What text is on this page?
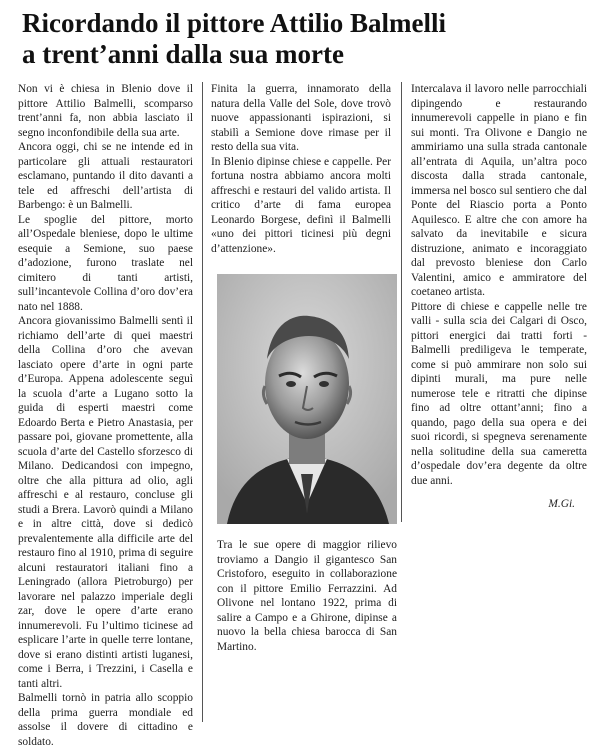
Ricordando il pittore Attilio Balmelli
a trent’anni dalla sua morte

Non vi è chiesa in Blenio dove il pittore Attilio Balmelli, scomparso trent’anni fa, non abbia lasciato il segno inconfondibile della sua arte.

Ancora oggi, chi se ne intende ed in particolare gli attuali restauratori esclamano, puntando il dito davanti a tele ed affreschi dell’artista di Barbengo: è un Balmelli.

Le spoglie del pittore, morto all’Ospedale bleniese, dopo le ultime esequie a Semione, suo paese d’adozione, furono traslate nel cimitero di tanti artisti, sull’incantevole Collina d’oro dov’era nato nel 1888.

Ancora giovanissimo Balmelli sentì il richiamo dell’arte di quei maestri della Collina d’oro che avevan lasciato opere d’arte in ogni parte d’Europa. Appena adolescente seguì la scuola d’arte a Lugano sotto la guida di esperti maestri come Edoardo Berta e Pietro Anastasia, per passare poi, giovane promettente, alla scuola d’arte del Castello sforzesco di Milano. Dedicandosi con impegno, oltre che alla pittura ad olio, agli affreschi e al restauro, concluse gli studi a Brera. Lavorò quindi a Milano e in altre città, dove si dedicò prevalentemente alla difficile arte del restauro fino al 1910, prima di seguire alcuni restauratori italiani fino a Leningrado (allora Pietroburgo) per lavorare nel palazzo imperiale degli zar, dove le opere d’arte erano innumerevoli. Fu l’ultimo ticinese ad esplicare l’arte in quelle terre lontane, dove si erano distinti artisti luganesi, come i Berra, i Trezzini, i Casella e tanti altri.

Balmelli tornò in patria allo scoppio della prima guerra mondiale ed assolse il dovere di cittadino e soldato.

Finita la guerra, innamorato della natura della Valle del Sole, dove trovò nuove appassionanti ispirazioni, si stabilì a Semione dove rimase per il resto della sua vita.

In Blenio dipinse chiese e cappelle. Per fortuna nostra abbiamo ancora molti affreschi e restauri del valido artista. Il critico d’arte di fama europea Leonardo Borgese, definì il Balmelli «uno dei pittori ticinesi più degni d’attenzione».

Tra le sue opere di maggior rilievo troviamo a Dangio il gigantesco San Cristoforo, eseguito in collaborazione con il pittore Emilio Ferrazzini. Ad Olivone nel lontano 1922, prima di salire a Campo e a Ghirone, dipinse a nuovo la bella chiesa barocca di San Martino.

Intercalava il lavoro nelle parrocchiali dipingendo e restaurando innumerevoli cappelle in piano e fin sui monti. Tra Olivone e Dangio ne ammiriamo una sulla strada cantonale all’entrata di Aquila, un’altra poco discosta dalla strada cantonale, immersa nel bosco sul sentiero che dal Ponte del Riascio porta a Ponto Aquilesco. E altre che con amore ha salvato da inevitabile e sicura distruzione, animato e incoraggiato dal prevosto bleniese don Carlo Valentini, amico e ammiratore del coetaneo artista.

Pittore di chiese e cappelle nelle tre valli - sulla scia dei Calgari di Osco, pittori energici dai tratti forti - Balmelli prediligeva le temperate, come si può ammirare non solo sui dipinti murali, ma pure nelle numerose tele e ritratti che dipinse fino ad oltre ottant’anni; fino a quando, pago della sua opera e dei suoi ricordi, si spegneva serenamente nella solitudine della sua cameretta d’ospedale dov’era degente da oltre due anni.

M.Gi.
